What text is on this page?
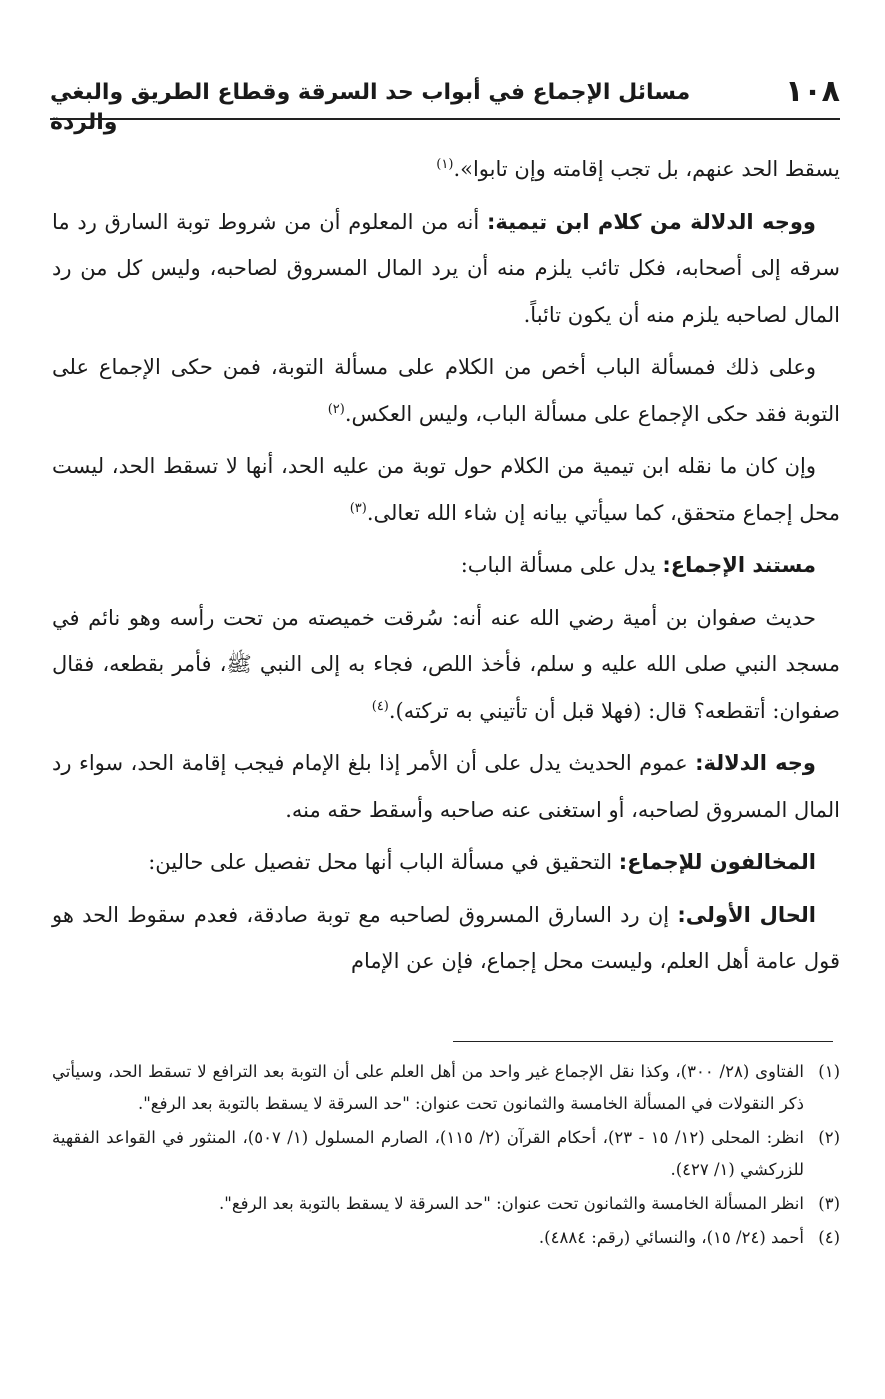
١٠٨
مسائل الإجماع في أبواب حد السرقة وقطاع الطريق والبغي والردة

يسقط الحد عنهم، بل تجب إقامته وإن تابوا».$^{(١)}$

ووجه الدلالة من كلام ابن تيمية: أنه من المعلوم أن من شروط توبة السارق رد ما سرقه إلى أصحابه، فكل تائب يلزم منه أن يرد المال المسروق لصاحبه، وليس كل من رد المال لصاحبه يلزم منه أن يكون تائباً.

وعلى ذلك فمسألة الباب أخص من الكلام على مسألة التوبة، فمن حكى الإجماع على التوبة فقد حكى الإجماع على مسألة الباب، وليس العكس.$^{(٢)}$

وإن كان ما نقله ابن تيمية من الكلام حول توبة من عليه الحد، أنها لا تسقط الحد، ليست محل إجماع متحقق، كما سيأتي بيانه إن شاء الله تعالى.$^{(٣)}$

مستند الإجماع: يدل على مسألة الباب:

حديث صفوان بن أمية رضي الله عنه أنه: سُرقت خميصته من تحت رأسه وهو نائم في مسجد النبي صلى الله عليه و سلم، فأخذ اللص، فجاء به إلى النبي ﷺ، فأمر بقطعه، فقال صفوان: أتقطعه؟ قال: (فهلا قبل أن تأتيني به تركته).$^{(٤)}$

وجه الدلالة: عموم الحديث يدل على أن الأمر إذا بلغ الإمام فيجب إقامة الحد، سواء رد المال المسروق لصاحبه، أو استغنى عنه صاحبه وأسقط حقه منه.

المخالفون للإجماع: التحقيق في مسألة الباب أنها محل تفصيل على حالين:

الحال الأولى: إن رد السارق المسروق لصاحبه مع توبة صادقة، فعدم سقوط الحد هو قول عامة أهل العلم، وليست محل إجماع، فإن عن الإمام

(١)
الفتاوى (٢٨/ ٣٠٠)، وكذا نقل الإجماع غير واحد من أهل العلم على أن التوبة بعد الترافع لا تسقط الحد، وسيأتي ذكر النقولات في المسألة الخامسة والثمانون تحت عنوان: "حد السرقة لا يسقط بالتوبة بعد الرفع".
(٢)
انظر: المحلى (١٢/ ١٥ - ٢٣)، أحكام القرآن (٢/ ١١٥)، الصارم المسلول (١/ ٥٠٧)، المنثور في القواعد الفقهية للزركشي (١/ ٤٢٧).
(٣)
انظر المسألة الخامسة والثمانون تحت عنوان: "حد السرقة لا يسقط بالتوبة بعد الرفع".
(٤)
أحمد (٢٤/ ١٥)، والنسائي (رقم: ٤٨٨٤).
